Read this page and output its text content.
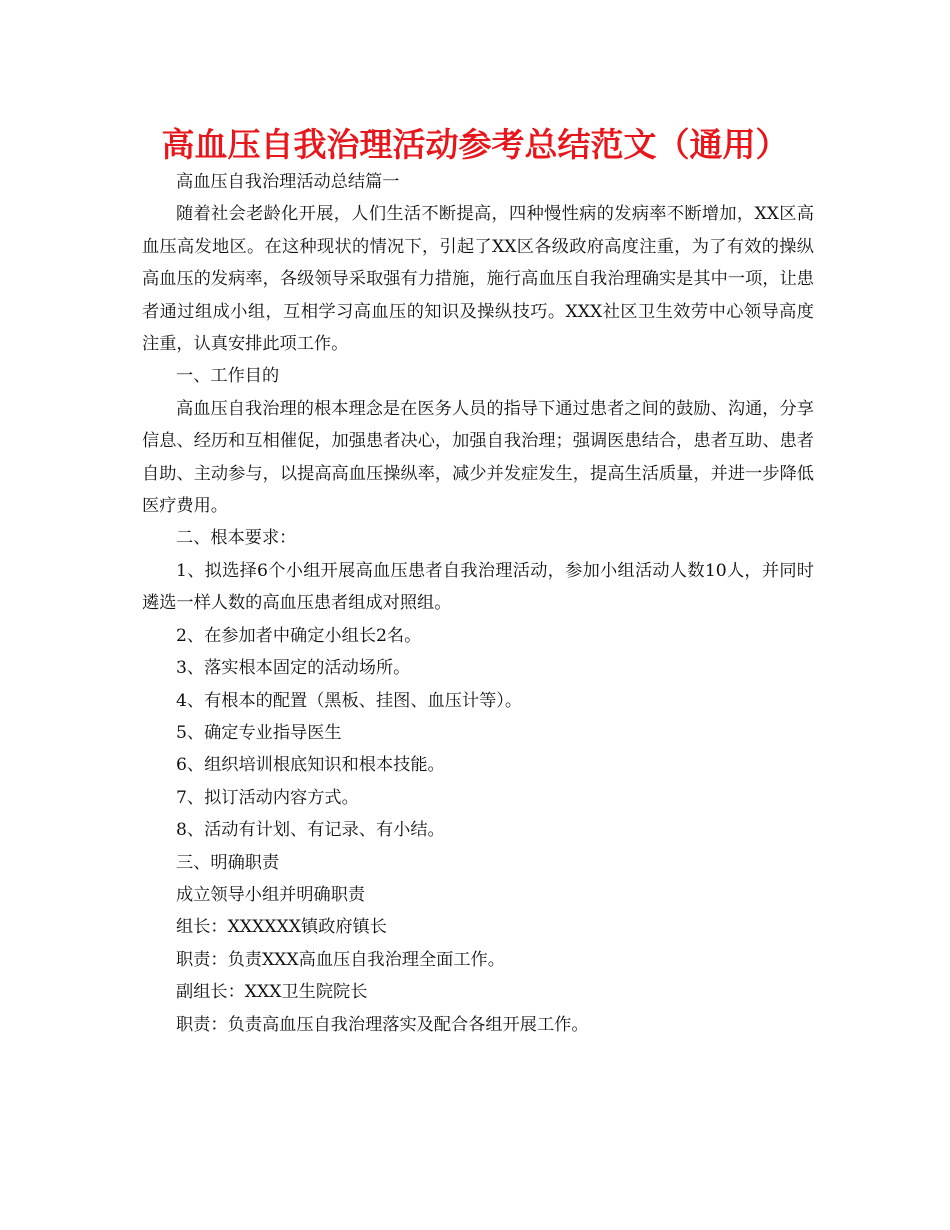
高血压自我治理活动参考总结范文（通用）

高血压自我治理活动总结篇一

随着社会老龄化开展，人们生活不断提高，四种慢性病的发病率不断增加，XX区高血压高发地区。在这种现状的情况下，引起了XX区各级政府高度注重，为了有效的操纵高血压的发病率，各级领导采取强有力措施，施行高血压自我治理确实是其中一项，让患者通过组成小组，互相学习高血压的知识及操纵技巧。XXX社区卫生效劳中心领导高度注重，认真安排此项工作。

一、工作目的

高血压自我治理的根本理念是在医务人员的指导下通过患者之间的鼓励、沟通，分享信息、经历和互相催促，加强患者决心，加强自我治理；强调医患结合，患者互助、患者自助、主动参与，以提高高血压操纵率，减少并发症发生，提高生活质量，并进一步降低医疗费用。

二、根本要求：

1、拟选择6个小组开展高血压患者自我治理活动，参加小组活动人数10人，并同时遴选一样人数的高血压患者组成对照组。

2、在参加者中确定小组长2名。

3、落实根本固定的活动场所。

4、有根本的配置（黑板、挂图、血压计等）。

5、确定专业指导医生

6、组织培训根底知识和根本技能。

7、拟订活动内容方式。

8、活动有计划、有记录、有小结。

三、明确职责

成立领导小组并明确职责

组长：XXXXXX镇政府镇长

职责：负责XXX高血压自我治理全面工作。

副组长：XXX卫生院院长

职责：负责高血压自我治理落实及配合各组开展工作。
